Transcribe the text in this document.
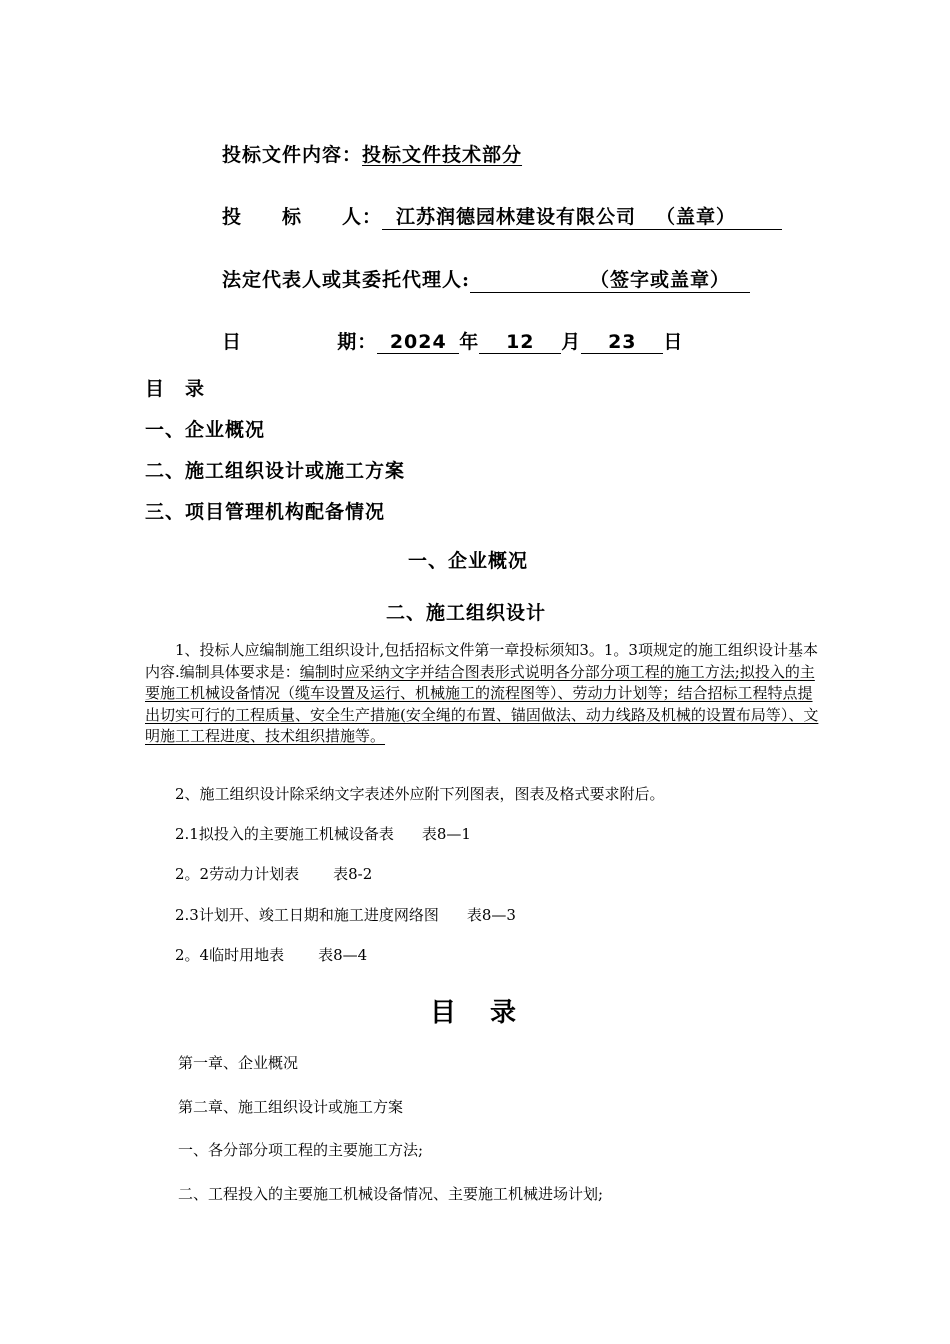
投标文件内容：投标文件技术部分
投　　标　　人： 江苏润德园林建设有限公司 （盖章）
法定代表人或其委托代理人:	（签字或盖章）
日	期： 2024 年 12 月 23 日
目　录
一、企业概况
二、施工组织设计或施工方案
三、项目管理机构配备情况
一、企业概况
二、施工组织设计
1、投标人应编制施工组织设计,包括招标文件第一章投标须知3。1。3项规定的施工组织设计基本内容.编制具体要求是：编制时应采纳文字并结合图表形式说明各分部分项工程的施工方法;拟投入的主要施工机械设备情况（缆车设置及运行、机械施工的流程图等）、劳动力计划等；结合招标工程特点提出切实可行的工程质量、安全生产措施(安全绳的布置、锚固做法、动力线路及机械的设置布局等）、文明施工工程进度、技术组织措施等。
2、施工组织设计除采纳文字表述外应附下列图表，图表及格式要求附后。
2.1拟投入的主要施工机械设备表 表8—1
2。2劳动力计划表 表8-2
2.3计划开、竣工日期和施工进度网络图 表8—3
2。4临时用地表 表8—4
目　录
第一章、企业概况
第二章、施工组织设计或施工方案
一、各分部分项工程的主要施工方法;
二、工程投入的主要施工机械设备情况、主要施工机械进场计划;
